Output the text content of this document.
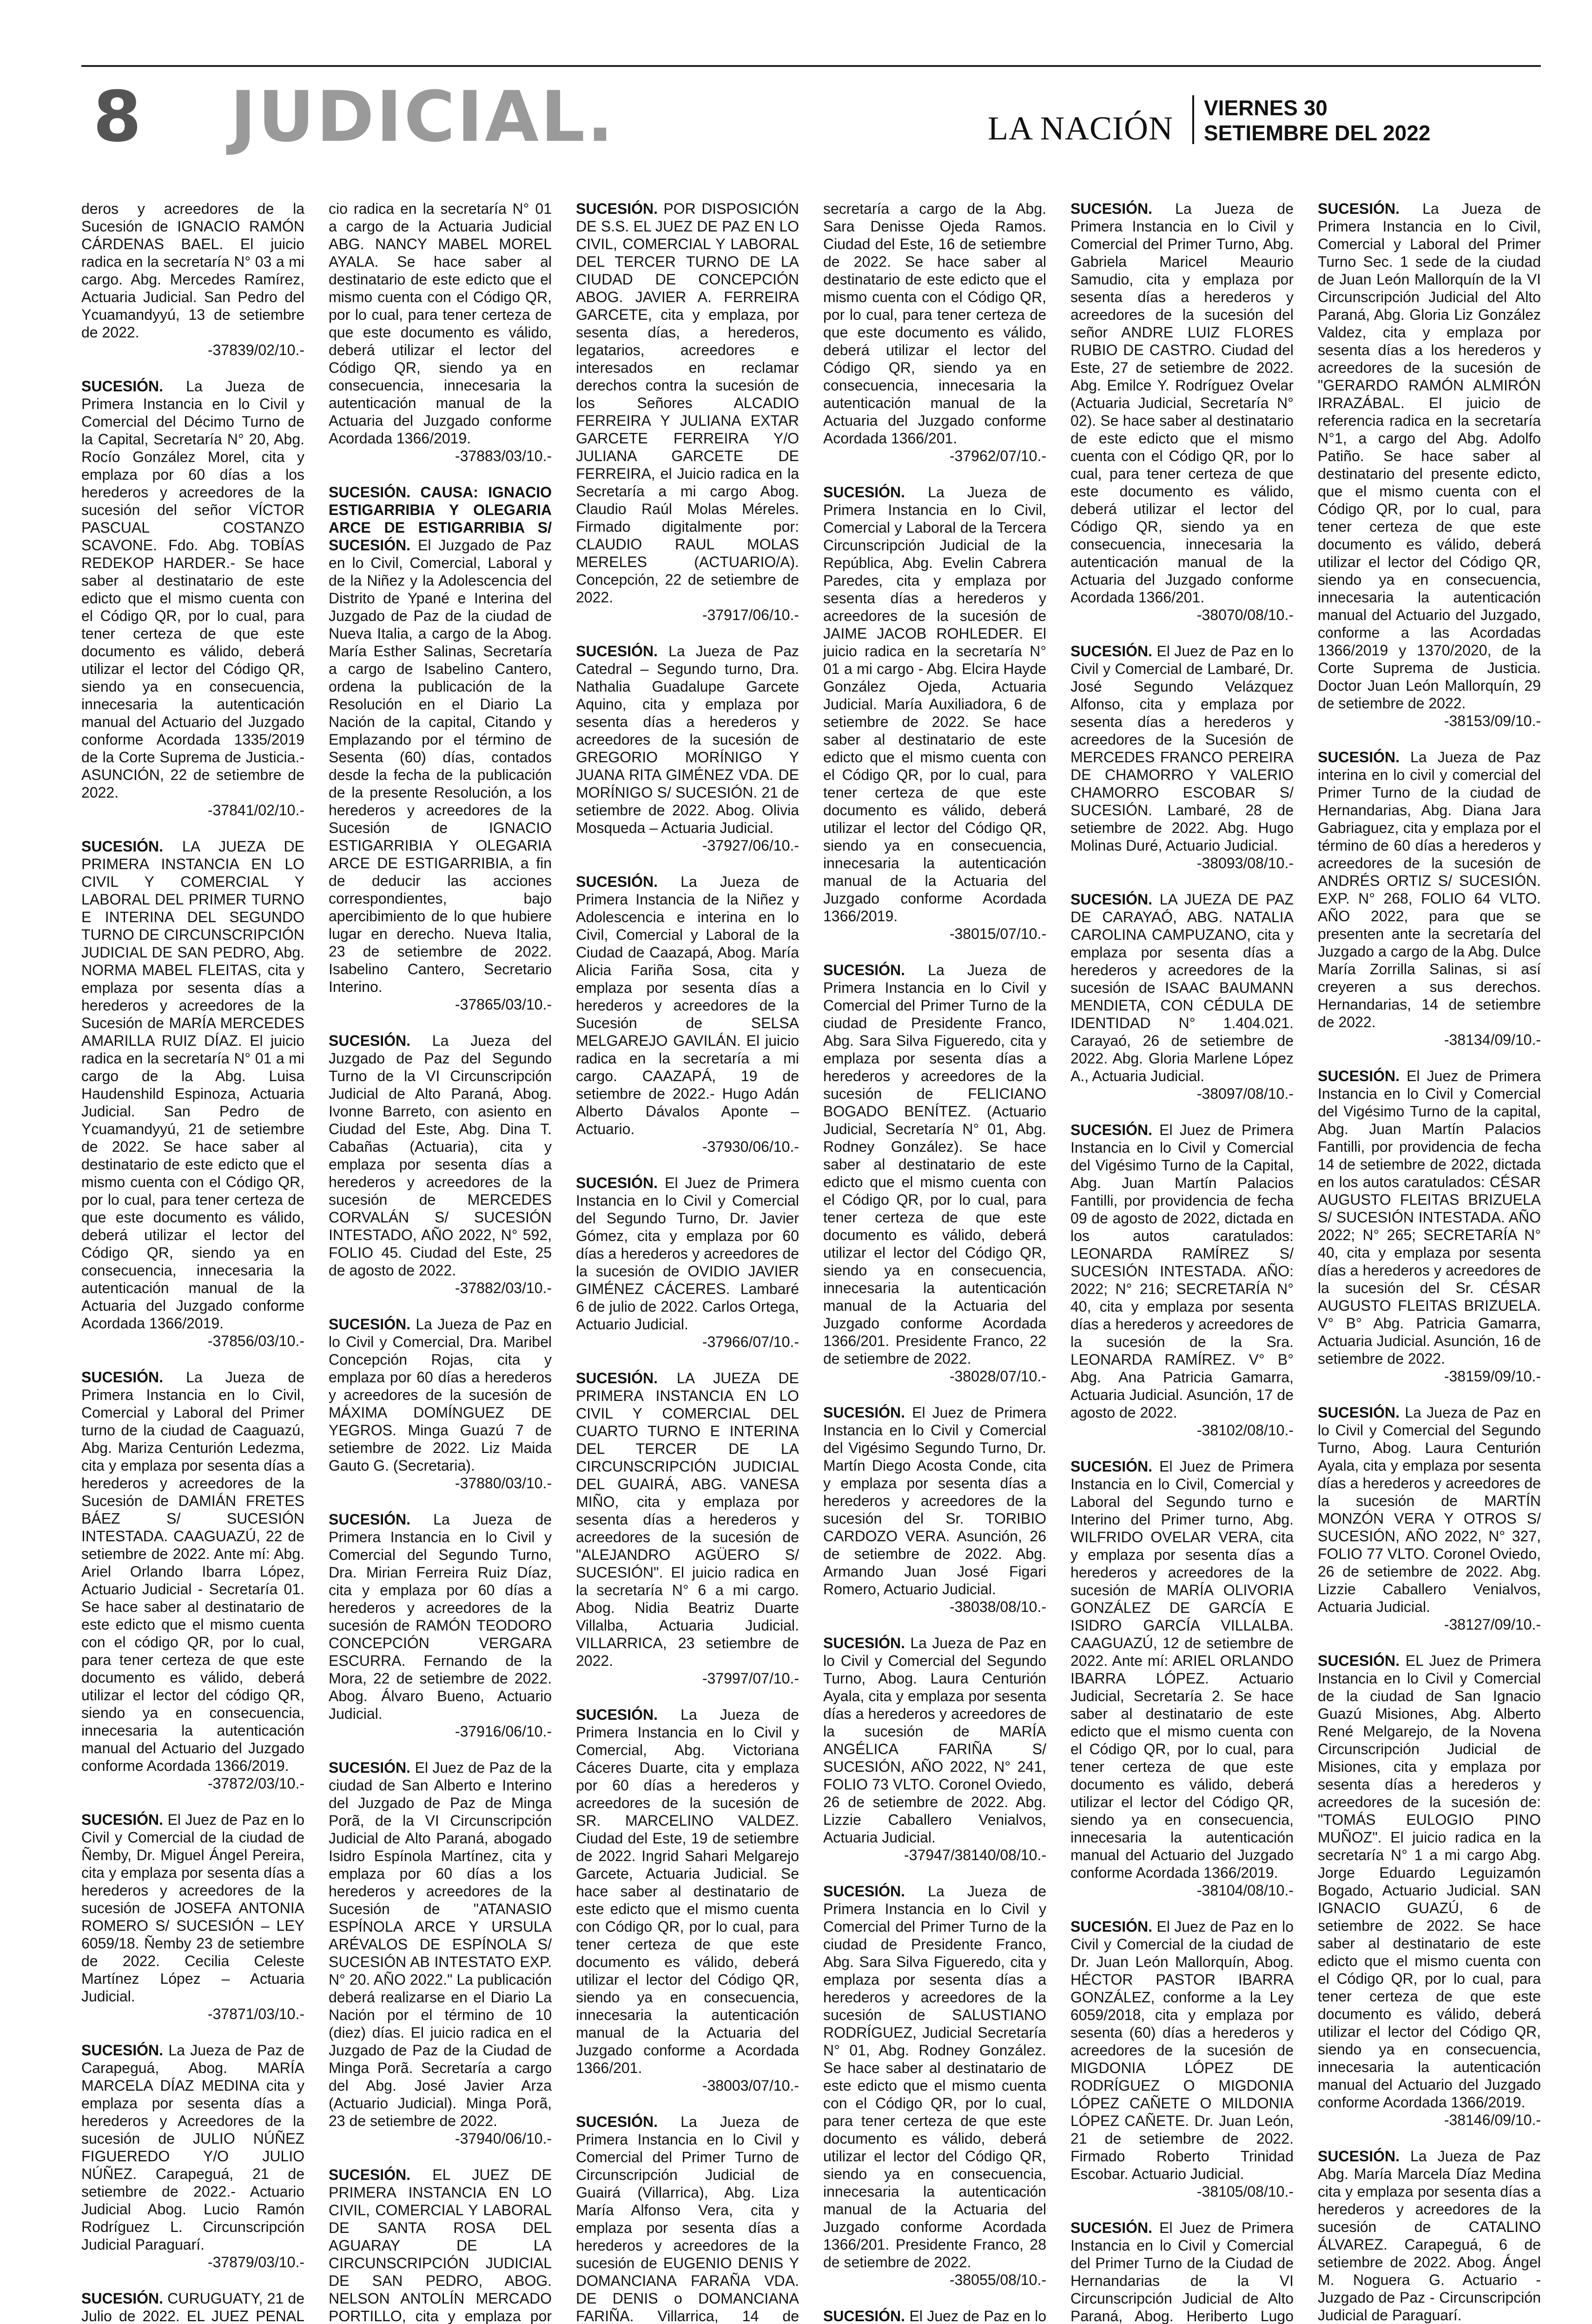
8 JUDICIAL.	LA NACIÓN
VIERNES 30
SETIEMBRE DEL 2022
deros y acreedores de la Sucesión de IGNACIO RAMÓN CÁRDENAS BAEL. El juicio radica en la secretaría N° 03 a mi cargo. Abg. Mercedes Ramírez, Actuaria Judicial. San Pedro del Ycuamandyyú, 13 de setiembre de 2022.
-37839/02/10.-
SUCESIÓN. La Jueza de Primera Instancia en lo Civil y Comercial del Décimo Turno de la Capital, Secretaría N° 20, Abg. Rocío González Morel, cita y emplaza por 60 días a los herederos y acreedores de la sucesión del señor VÍCTOR PASCUAL COSTANZO SCAVONE. Fdo. Abg. TOBÍAS REDEKOP HARDER.- Se hace saber al destinatario de este edicto que el mismo cuenta con el Código QR, por lo cual, para tener certeza de que este documento es válido, deberá utilizar el lector del Código QR, siendo ya en consecuencia, innecesaria la autenticación manual del Actuario del Juzgado conforme Acordada 1335/2019 de la Corte Suprema de Justicia.- ASUNCIÓN, 22 de setiembre de 2022.
-37841/02/10.-
SUCESIÓN. LA JUEZA DE PRIMERA INSTANCIA EN LO CIVIL Y COMERCIAL Y LABORAL DEL PRIMER TURNO E INTERINA DEL SEGUNDO TURNO DE CIRCUNSCRIPCIÓN JUDICIAL DE SAN PEDRO, Abg. NORMA MABEL FLEITAS, cita y emplaza por sesenta días a herederos y acreedores de la Sucesión de MARÍA MERCEDES AMARILLA RUIZ DÍAZ. El juicio radica en la secretaría N° 01 a mi cargo de la Abg. Luisa Haudenshild Espinoza, Actuaria Judicial. San Pedro de Ycuamandyyú, 21 de setiembre de 2022. Se hace saber al destinatario de este edicto que el mismo cuenta con el Código QR, por lo cual, para tener certeza de que este documento es válido, deberá utilizar el lector del Código QR, siendo ya en consecuencia, innecesaria la autenticación manual de la Actuaria del Juzgado conforme Acordada 1366/2019.
-37856/03/10.-
SUCESIÓN. La Jueza de Primera Instancia en lo Civil, Comercial y Laboral del Primer turno de la ciudad de Caaguazú, Abg. Mariza Centurión Ledezma, cita y emplaza por sesenta días a herederos y acreedores de la Sucesión de DAMIÁN FRETES BÁEZ S/ SUCESIÓN INTESTADA. CAAGUAZÚ, 22 de setiembre de 2022. Ante mí: Abg. Ariel Orlando Ibarra López, Actuario Judicial - Secretaría 01. Se hace saber al destinatario de este edicto que el mismo cuenta con el código QR, por lo cual, para tener certeza de que este documento es válido, deberá utilizar el lector del código QR, siendo ya en consecuencia, innecesaria la autenticación manual del Actuario del Juzgado conforme Acordada 1366/2019.
-37872/03/10.-
SUCESIÓN. El Juez de Paz en lo Civil y Comercial de la ciudad de Ñemby, Dr. Miguel Ángel Pereira, cita y emplaza por sesenta días a herederos y acreedores de la sucesión de JOSEFA ANTONIA ROMERO S/ SUCESIÓN – LEY 6059/18. Ñemby 23 de setiembre de 2022. Cecilia Celeste Martínez López – Actuaria Judicial.
-37871/03/10.-
SUCESIÓN. La Jueza de Paz de Carapeguá, Abog. MARÍA MARCELA DÍAZ MEDINA cita y emplaza por sesenta días a herederos y Acreedores de la sucesión de JULIO NÚÑEZ FIGUEREDO Y/O JULIO NÚÑEZ. Carapeguá, 21 de setiembre de 2022.- Actuario Judicial Abog. Lucio Ramón Rodríguez L. Circunscripción Judicial Paraguarí.
-37879/03/10.-
SUCESIÓN. CURUGUATY, 21 de Julio de 2022. EL JUEZ PENAL
cio radica en la secretaría N° 01 a cargo de la Actuaria Judicial ABG. NANCY MABEL MOREL AYALA. Se hace saber al destinatario de este edicto que el mismo cuenta con el Código QR, por lo cual, para tener certeza de que este documento es válido, deberá utilizar el lector del Código QR, siendo ya en consecuencia, innecesaria la autenticación manual de la Actuaria del Juzgado conforme Acordada 1366/2019.
-37883/03/10.-
SUCESIÓN. CAUSA: IGNACIO ESTIGARRIBIA Y OLEGARIA ARCE DE ESTIGARRIBIA S/ SUCESIÓN. El Juzgado de Paz en lo Civil, Comercial, Laboral y de la Niñez y la Adolescencia del Distrito de Ypané e Interina del Juzgado de Paz de la ciudad de Nueva Italia, a cargo de la Abog. María Esther Salinas, Secretaría a cargo de Isabelino Cantero, ordena la publicación de la Resolución en el Diario La Nación de la capital, Citando y Emplazando por el término de Sesenta (60) días, contados desde la fecha de la publicación de la presente Resolución, a los herederos y acreedores de la Sucesión de IGNACIO ESTIGARRIBIA Y OLEGARIA ARCE DE ESTIGARRIBIA, a fin de deducir las acciones correspondientes, bajo apercibimiento de lo que hubiere lugar en derecho. Nueva Italia, 23 de setiembre de 2022. Isabelino Cantero, Secretario Interino.
-37865/03/10.-
SUCESIÓN. La Jueza del Juzgado de Paz del Segundo Turno de la VI Circunscripción Judicial de Alto Paraná, Abog. Ivonne Barreto, con asiento en Ciudad del Este, Abg. Dina T. Cabañas (Actuaria), cita y emplaza por sesenta días a herederos y acreedores de la sucesión de MERCEDES CORVALÁN S/ SUCESIÓN INTESTADO, AÑO 2022, N° 592, FOLIO 45. Ciudad del Este, 25 de agosto de 2022.
-37882/03/10.-
SUCESIÓN. La Jueza de Paz en lo Civil y Comercial, Dra. Maribel Concepción Rojas, cita y emplaza por 60 días a herederos y acreedores de la sucesión de MÁXIMA DOMÍNGUEZ DE YEGROS. Minga Guazú 7 de setiembre de 2022. Liz Maida Gauto G. (Secretaria).
-37880/03/10.-
SUCESIÓN. La Jueza de Primera Instancia en lo Civil y Comercial del Segundo Turno, Dra. Mirian Ferreira Ruiz Díaz, cita y emplaza por 60 días a herederos y acreedores de la sucesión de RAMÓN TEODORO CONCEPCIÓN VERGARA ESCURRA. Fernando de la Mora, 22 de setiembre de 2022. Abog. Álvaro Bueno, Actuario Judicial.
-37916/06/10.-
SUCESIÓN. El Juez de Paz de la ciudad de San Alberto e Interino del Juzgado de Paz de Minga Porã, de la VI Circunscripción Judicial de Alto Paraná, abogado Isidro Espínola Martínez, cita y emplaza por 60 días a los herederos y acreedores de la Sucesión de "ATANASIO ESPÍNOLA ARCE Y URSULA ARÉVALOS DE ESPÍNOLA S/ SUCESIÓN AB INTESTATO EXP. N° 20. AÑO 2022." La publicación deberá realizarse en el Diario La Nación por el término de 10 (diez) días. El juicio radica en el Juzgado de Paz de la Ciudad de Minga Porã. Secretaría a cargo del Abg. José Javier Arza (Actuario Judicial). Minga Porã, 23 de setiembre de 2022.
-37940/06/10.-
SUCESIÓN. EL JUEZ DE PRIMERA INSTANCIA EN LO CIVIL, COMERCIAL Y LABORAL DE SANTA ROSA DEL AGUARAY DE LA CIRCUNSCRIPCIÓN JUDICIAL DE SAN PEDRO, ABOG. NELSON ANTOLÍN MERCADO PORTILLO, cita y emplaza por
SUCESIÓN. POR DISPOSICIÓN DE S.S. EL JUEZ DE PAZ EN LO CIVIL, COMERCIAL Y LABORAL DEL TERCER TURNO DE LA CIUDAD DE CONCEPCIÓN ABOG. JAVIER A. FERREIRA GARCETE, cita y emplaza, por sesenta días, a herederos, legatarios, acreedores e interesados en reclamar derechos contra la sucesión de los Señores ALCADIO FERREIRA Y JULIANA EXTAR GARCETE FERREIRA Y/O JULIANA GARCETE DE FERREIRA, el Juicio radica en la Secretaría a mi cargo Abog. Claudio Raúl Molas Méreles. Firmado digitalmente por: CLAUDIO RAUL MOLAS MERELES (ACTUARIO/A). Concepción, 22 de setiembre de 2022.
-37917/06/10.-
SUCESIÓN. La Jueza de Paz Catedral – Segundo turno, Dra. Nathalia Guadalupe Garcete Aquino, cita y emplaza por sesenta días a herederos y acreedores de la sucesión de GREGORIO MORÍNIGO Y JUANA RITA GIMÉNEZ VDA. DE MORÍNIGO S/ SUCESIÓN. 21 de setiembre de 2022. Abog. Olivia Mosqueda – Actuaria Judicial.
-37927/06/10.-
SUCESIÓN. La Jueza de Primera Instancia de la Niñez y Adolescencia e interina en lo Civil, Comercial y Laboral de la Ciudad de Caazapá, Abog. María Alicia Fariña Sosa, cita y emplaza por sesenta días a herederos y acreedores de la Sucesión de SELSA MELGAREJO GAVILÁN. El juicio radica en la secretaría a mi cargo. CAAZAPÁ, 19 de setiembre de 2022.- Hugo Adán Alberto Dávalos Aponte – Actuario.
-37930/06/10.-
SUCESIÓN. El Juez de Primera Instancia en lo Civil y Comercial del Segundo Turno, Dr. Javier Gómez, cita y emplaza por 60 días a herederos y acreedores de la sucesión de OVIDIO JAVIER GIMÉNEZ CÁCERES. Lambaré 6 de julio de 2022. Carlos Ortega, Actuario Judicial.
-37966/07/10.-
SUCESIÓN. LA JUEZA DE PRIMERA INSTANCIA EN LO CIVIL Y COMERCIAL DEL CUARTO TURNO E INTERINA DEL TERCER DE LA CIRCUNSCRIPCIÓN JUDICIAL DEL GUAIRÁ, ABG. VANESA MIÑO, cita y emplaza por sesenta días a herederos y acreedores de la sucesión de "ALEJANDRO AGÜERO S/ SUCESIÓN". El juicio radica en la secretaría N° 6 a mi cargo. Abog. Nidia Beatriz Duarte Villalba, Actuaria Judicial. VILLARRICA, 23 setiembre de 2022.
-37997/07/10.-
SUCESIÓN. La Jueza de Primera Instancia en lo Civil y Comercial, Abg. Victoriana Cáceres Duarte, cita y emplaza por 60 días a herederos y acreedores de la sucesión de SR. MARCELINO VALDEZ. Ciudad del Este, 19 de setiembre de 2022. Ingrid Sahari Melgarejo Garcete, Actuaria Judicial. Se hace saber al destinatario de este edicto que el mismo cuenta con Código QR, por lo cual, para tener certeza de que este documento es válido, deberá utilizar el lector del Código QR, siendo ya en consecuencia, innecesaria la autenticación manual de la Actuaria del Juzgado conforme a Acordada 1366/201.
-38003/07/10.-
SUCESIÓN. La Jueza de Primera Instancia en lo Civil y Comercial del Primer Turno de Circunscripción Judicial de Guairá (Villarrica), Abg. Liza María Alfonso Vera, cita y emplaza por sesenta días a herederos y acreedores de la sucesión de EUGENIO DENIS Y DOMANCIANA FARAÑA VDA. DE DENIS o DOMANCIANA FARIÑA. Villarrica, 14 de
secretaría a cargo de la Abg. Sara Denisse Ojeda Ramos. Ciudad del Este, 16 de setiembre de 2022. Se hace saber al destinatario de este edicto que el mismo cuenta con el Código QR, por lo cual, para tener certeza de que este documento es válido, deberá utilizar el lector del Código QR, siendo ya en consecuencia, innecesaria la autenticación manual de la Actuaria del Juzgado conforme Acordada 1366/201.
-37962/07/10.-
SUCESIÓN. La Jueza de Primera Instancia en lo Civil, Comercial y Laboral de la Tercera Circunscripción Judicial de la República, Abg. Evelin Cabrera Paredes, cita y emplaza por sesenta días a herederos y acreedores de la sucesión de JAIME JACOB ROHLEDER. El juicio radica en la secretaría N° 01 a mi cargo - Abg. Elcira Hayde González Ojeda, Actuaria Judicial. María Auxiliadora, 6 de setiembre de 2022. Se hace saber al destinatario de este edicto que el mismo cuenta con el Código QR, por lo cual, para tener certeza de que este documento es válido, deberá utilizar el lector del Código QR, siendo ya en consecuencia, innecesaria la autenticación manual de la Actuaria del Juzgado conforme Acordada 1366/2019.
-38015/07/10.-
SUCESIÓN. La Jueza de Primera Instancia en lo Civil y Comercial del Primer Turno de la ciudad de Presidente Franco, Abg. Sara Silva Figueredo, cita y emplaza por sesenta días a herederos y acreedores de la sucesión de FELICIANO BOGADO BENÍTEZ. (Actuario Judicial, Secretaría N° 01, Abg. Rodney González). Se hace saber al destinatario de este edicto que el mismo cuenta con el Código QR, por lo cual, para tener certeza de que este documento es válido, deberá utilizar el lector del Código QR, siendo ya en consecuencia, innecesaria la autenticación manual de la Actuaria del Juzgado conforme Acordada 1366/201. Presidente Franco, 22 de setiembre de 2022.
-38028/07/10.-
SUCESIÓN. El Juez de Primera Instancia en lo Civil y Comercial del Vigésimo Segundo Turno, Dr. Martín Diego Acosta Conde, cita y emplaza por sesenta días a herederos y acreedores de la sucesión del Sr. TORIBIO CARDOZO VERA. Asunción, 26 de setiembre de 2022. Abg. Armando Juan José Figari Romero, Actuario Judicial.
-38038/08/10.-
SUCESIÓN. La Jueza de Paz en lo Civil y Comercial del Segundo Turno, Abog. Laura Centurión Ayala, cita y emplaza por sesenta días a herederos y acreedores de la sucesión de MARÍA ANGÉLICA FARIÑA S/ SUCESIÓN, AÑO 2022, N° 241, FOLIO 73 VLTO. Coronel Oviedo, 26 de setiembre de 2022. Abg. Lizzie Caballero Venialvos, Actuaria Judicial.
-37947/38140/08/10.-
SUCESIÓN. La Jueza de Primera Instancia en lo Civil y Comercial del Primer Turno de la ciudad de Presidente Franco, Abg. Sara Silva Figueredo, cita y emplaza por sesenta días a herederos y acreedores de la sucesión de SALUSTIANO RODRÍGUEZ, Judicial Secretaría N° 01, Abg. Rodney González. Se hace saber al destinatario de este edicto que el mismo cuenta con el Código QR, por lo cual, para tener certeza de que este documento es válido, deberá utilizar el lector del Código QR, siendo ya en consecuencia, innecesaria la autenticación manual de la Actuaria del Juzgado conforme Acordada 1366/201. Presidente Franco, 28 de setiembre de 2022.
-38055/08/10.-
SUCESIÓN. El Juez de Paz en lo
SUCESIÓN. La Jueza de Primera Instancia en lo Civil y Comercial del Primer Turno, Abg. Gabriela Maricel Meaurio Samudio, cita y emplaza por sesenta días a herederos y acreedores de la sucesión del señor ANDRE LUIZ FLORES RUBIO DE CASTRO. Ciudad del Este, 27 de setiembre de 2022. Abg. Emilce Y. Rodríguez Ovelar (Actuaria Judicial, Secretaría N° 02). Se hace saber al destinatario de este edicto que el mismo cuenta con el Código QR, por lo cual, para tener certeza de que este documento es válido, deberá utilizar el lector del Código QR, siendo ya en consecuencia, innecesaria la autenticación manual de la Actuaria del Juzgado conforme Acordada 1366/201.
-38070/08/10.-
SUCESIÓN. El Juez de Paz en lo Civil y Comercial de Lambaré, Dr. José Segundo Velázquez Alfonso, cita y emplaza por sesenta días a herederos y acreedores de la Sucesión de MERCEDES FRANCO PEREIRA DE CHAMORRO Y VALERIO CHAMORRO ESCOBAR S/ SUCESIÓN. Lambaré, 28 de setiembre de 2022. Abg. Hugo Molinas Duré, Actuario Judicial.
-38093/08/10.-
SUCESIÓN. LA JUEZA DE PAZ DE CARAYAÓ, ABG. NATALIA CAROLINA CAMPUZANO, cita y emplaza por sesenta días a herederos y acreedores de la sucesión de ISAAC BAUMANN MENDIETA, CON CÉDULA DE IDENTIDAD N° 1.404.021. Carayaó, 26 de setiembre de 2022. Abg. Gloria Marlene López A., Actuaria Judicial.
-38097/08/10.-
SUCESIÓN. El Juez de Primera Instancia en lo Civil y Comercial del Vigésimo Turno de la Capital, Abg. Juan Martín Palacios Fantilli, por providencia de fecha 09 de agosto de 2022, dictada en los autos caratulados: LEONARDA RAMÍREZ S/ SUCESIÓN INTESTADA. AÑO: 2022; N° 216; SECRETARÍA N° 40, cita y emplaza por sesenta días a herederos y acreedores de la sucesión de la Sra. LEONARDA RAMÍREZ. V° B° Abg. Ana Patricia Gamarra, Actuaria Judicial. Asunción, 17 de agosto de 2022.
-38102/08/10.-
SUCESIÓN. El Juez de Primera Instancia en lo Civil, Comercial y Laboral del Segundo turno e Interino del Primer turno, Abg. WILFRIDO OVELAR VERA, cita y emplaza por sesenta días a herederos y acreedores de la sucesión de MARÍA OLIVORIA GONZÁLEZ DE GARCÍA E ISIDRO GARCÍA VILLALBA. CAAGUAZÚ, 12 de setiembre de 2022. Ante mí: ARIEL ORLANDO IBARRA LÓPEZ. Actuario Judicial, Secretaría 2. Se hace saber al destinatario de este edicto que el mismo cuenta con el Código QR, por lo cual, para tener certeza de que este documento es válido, deberá utilizar el lector del Código QR, siendo ya en consecuencia, innecesaria la autenticación manual del Actuario del Juzgado conforme Acordada 1366/2019.
-38104/08/10.-
SUCESIÓN. El Juez de Paz en lo Civil y Comercial de la ciudad de Dr. Juan León Mallorquín, Abog. HÉCTOR PASTOR IBARRA GONZÁLEZ, conforme a la Ley 6059/2018, cita y emplaza por sesenta (60) días a herederos y acreedores de la sucesión de MIGDONIA LÓPEZ DE RODRÍGUEZ O MIGDONIA LÓPEZ CAÑETE O MILDONIA LÓPEZ CAÑETE. Dr. Juan León, 21 de setiembre de 2022. Firmado Roberto Trinidad Escobar. Actuario Judicial.
-38105/08/10.-
SUCESIÓN. El Juez de Primera Instancia en lo Civil y Comercial del Primer Turno de la Ciudad de Hernandarias de la VI Circunscripción Judicial de Alto Paraná, Abog. Heriberto Lugo
SUCESIÓN. La Jueza de Primera Instancia en lo Civil, Comercial y Laboral del Primer Turno Sec. 1 sede de la ciudad de Juan León Mallorquín de la VI Circunscripción Judicial del Alto Paraná, Abg. Gloria Liz González Valdez, cita y emplaza por sesenta días a los herederos y acreedores de la sucesión de "GERARDO RAMÓN ALMIRÓN IRRAZÁBAL. El juicio de referencia radica en la secretaría N°1, a cargo del Abg. Adolfo Patiño. Se hace saber al destinatario del presente edicto, que el mismo cuenta con el Código QR, por lo cual, para tener certeza de que este documento es válido, deberá utilizar el lector del Código QR, siendo ya en consecuencia, innecesaria la autenticación manual del Actuario del Juzgado, conforme a las Acordadas 1366/2019 y 1370/2020, de la Corte Suprema de Justicia. Doctor Juan León Mallorquín, 29 de setiembre de 2022.
-38153/09/10.-
SUCESIÓN. La Jueza de Paz interina en lo civil y comercial del Primer Turno de la ciudad de Hernandarias, Abg. Diana Jara Gabriaguez, cita y emplaza por el término de 60 días a herederos y acreedores de la sucesión de ANDRÉS ORTIZ S/ SUCESIÓN. EXP. N° 268, FOLIO 64 VLTO. AÑO 2022, para que se presenten ante la secretaría del Juzgado a cargo de la Abg. Dulce María Zorrilla Salinas, si así creyeren a sus derechos. Hernandarias, 14 de setiembre de 2022.
-38134/09/10.-
SUCESIÓN. El Juez de Primera Instancia en lo Civil y Comercial del Vigésimo Turno de la capital, Abg. Juan Martín Palacios Fantilli, por providencia de fecha 14 de setiembre de 2022, dictada en los autos caratulados: CÉSAR AUGUSTO FLEITAS BRIZUELA S/ SUCESIÓN INTESTADA. AÑO 2022; N° 265; SECRETARÍA N° 40, cita y emplaza por sesenta días a herederos y acreedores de la sucesión del Sr. CÉSAR AUGUSTO FLEITAS BRIZUELA. V° B° Abg. Patricia Gamarra, Actuaria Judicial. Asunción, 16 de setiembre de 2022.
-38159/09/10.-
SUCESIÓN. La Jueza de Paz en lo Civil y Comercial del Segundo Turno, Abog. Laura Centurión Ayala, cita y emplaza por sesenta días a herederos y acreedores de la sucesión de MARTÍN MONZÓN VERA Y OTROS S/ SUCESIÓN, AÑO 2022, N° 327, FOLIO 77 VLTO. Coronel Oviedo, 26 de setiembre de 2022. Abg. Lizzie Caballero Venialvos, Actuaria Judicial.
-38127/09/10.-
SUCESIÓN. EL Juez de Primera Instancia en lo Civil y Comercial de la ciudad de San Ignacio Guazú Misiones, Abg. Alberto René Melgarejo, de la Novena Circunscripción Judicial de Misiones, cita y emplaza por sesenta días a herederos y acreedores de la sucesión de: "TOMÁS EULOGIO PINO MUÑOZ". El juicio radica en la secretaría N° 1 a mi cargo Abg. Jorge Eduardo Leguizamón Bogado, Actuario Judicial. SAN IGNACIO GUAZÚ, 6 de setiembre de 2022. Se hace saber al destinatario de este edicto que el mismo cuenta con el Código QR, por lo cual, para tener certeza de que este documento es válido, deberá utilizar el lector del Código QR, siendo ya en consecuencia, innecesaria la autenticación manual del Actuario del Juzgado conforme Acordada 1366/2019.
-38146/09/10.-
SUCESIÓN. La Jueza de Paz Abg. María Marcela Díaz Medina cita y emplaza por sesenta días a herederos y acreedores de la sucesión de CATALINO ÁLVAREZ. Carapeguá, 6 de setiembre de 2022. Abog. Ángel M. Noguera G. Actuario - Juzgado de Paz - Circunscripción Judicial de Paraguarí.
